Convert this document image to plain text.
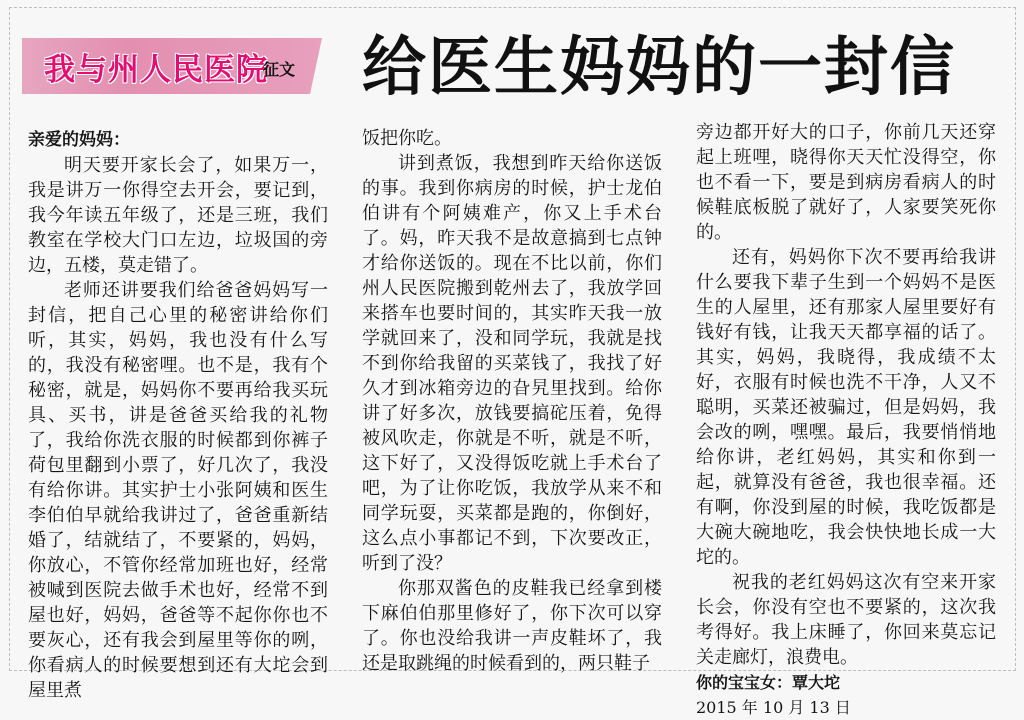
我与州人民医院
征文 给医生妈妈的一封信

亲爱的妈妈：

明天要开家长会了，如果万一，我是讲万一你得空去开会，要记到，我今年读五年级了，还是三班，我们教室在学校大门口左边，垃圾国的旁边，五楼，莫走错了。

老师还讲要我们给爸爸妈妈写一封信，把自己心里的秘密讲给你们听，其实，妈妈，我也没有什么写的，我没有秘密哩。也不是，我有个秘密，就是，妈妈你不要再给我买玩具、买书，讲是爸爸买给我的礼物了，我给你洗衣服的时候都到你裤子荷包里翻到小票了，好几次了，我没有给你讲。其实护士小张阿姨和医生李伯伯早就给我讲过了，爸爸重新结婚了，结就结了，不要紧的，妈妈，你放心，不管你经常加班也好，经常被喊到医院去做手术也好，经常不到屋也好，妈妈，爸爸等不起你你也不要灰心，还有我会到屋里等你的咧，你看病人的时候要想到还有大坨会到屋里煮

饭把你吃。

讲到煮饭，我想到昨天给你送饭的事。我到你病房的时候，护士龙伯伯讲有个阿姨难产，你又上手术台了。妈，昨天我不是故意搞到七点钟才给你送饭的。现在不比以前，你们州人民医院搬到乾州去了，我放学回来搭车也要时间的，其实昨天我一放学就回来了，没和同学玩，我就是找不到你给我留的买菜钱了，我找了好久才到冰箱旁边的旮旯里找到。给你讲了好多次，放钱要搞砣压着，免得被风吹走，你就是不听，就是不听，这下好了，又没得饭吃就上手术台了吧，为了让你吃饭，我放学从来不和同学玩耍，买菜都是跑的，你倒好，这么点小事都记不到，下次要改正，听到了没？

你那双酱色的皮鞋我已经拿到楼下麻伯伯那里修好了，你下次可以穿了。你也没给我讲一声皮鞋坏了，我还是取跳绳的时候看到的，两只鞋子

旁边都开好大的口子，你前几天还穿起上班哩，晓得你天天忙没得空，你也不看一下，要是到病房看病人的时候鞋底板脱了就好了，人家要笑死你的。

还有，妈妈你下次不要再给我讲什么要我下辈子生到一个妈妈不是医生的人屋里，还有那家人屋里要好有钱好有钱，让我天天都享福的话了。其实，妈妈，我晓得，我成绩不太好，衣服有时候也洗不干净，人又不聪明，买菜还被骗过，但是妈妈，我会改的咧，嘿嘿。最后，我要悄悄地给你讲，老红妈妈，其实和你到一起，就算没有爸爸，我也很幸福。还有啊，你没到屋的时候，我吃饭都是大碗大碗地吃，我会快快地长成一大坨的。

祝我的老红妈妈这次有空来开家长会，你没有空也不要紧的，这次我考得好。我上床睡了，你回来莫忘记关走廊灯，浪费电。

你的宝宝女：覃大坨

2015 年 10 月 13 日
